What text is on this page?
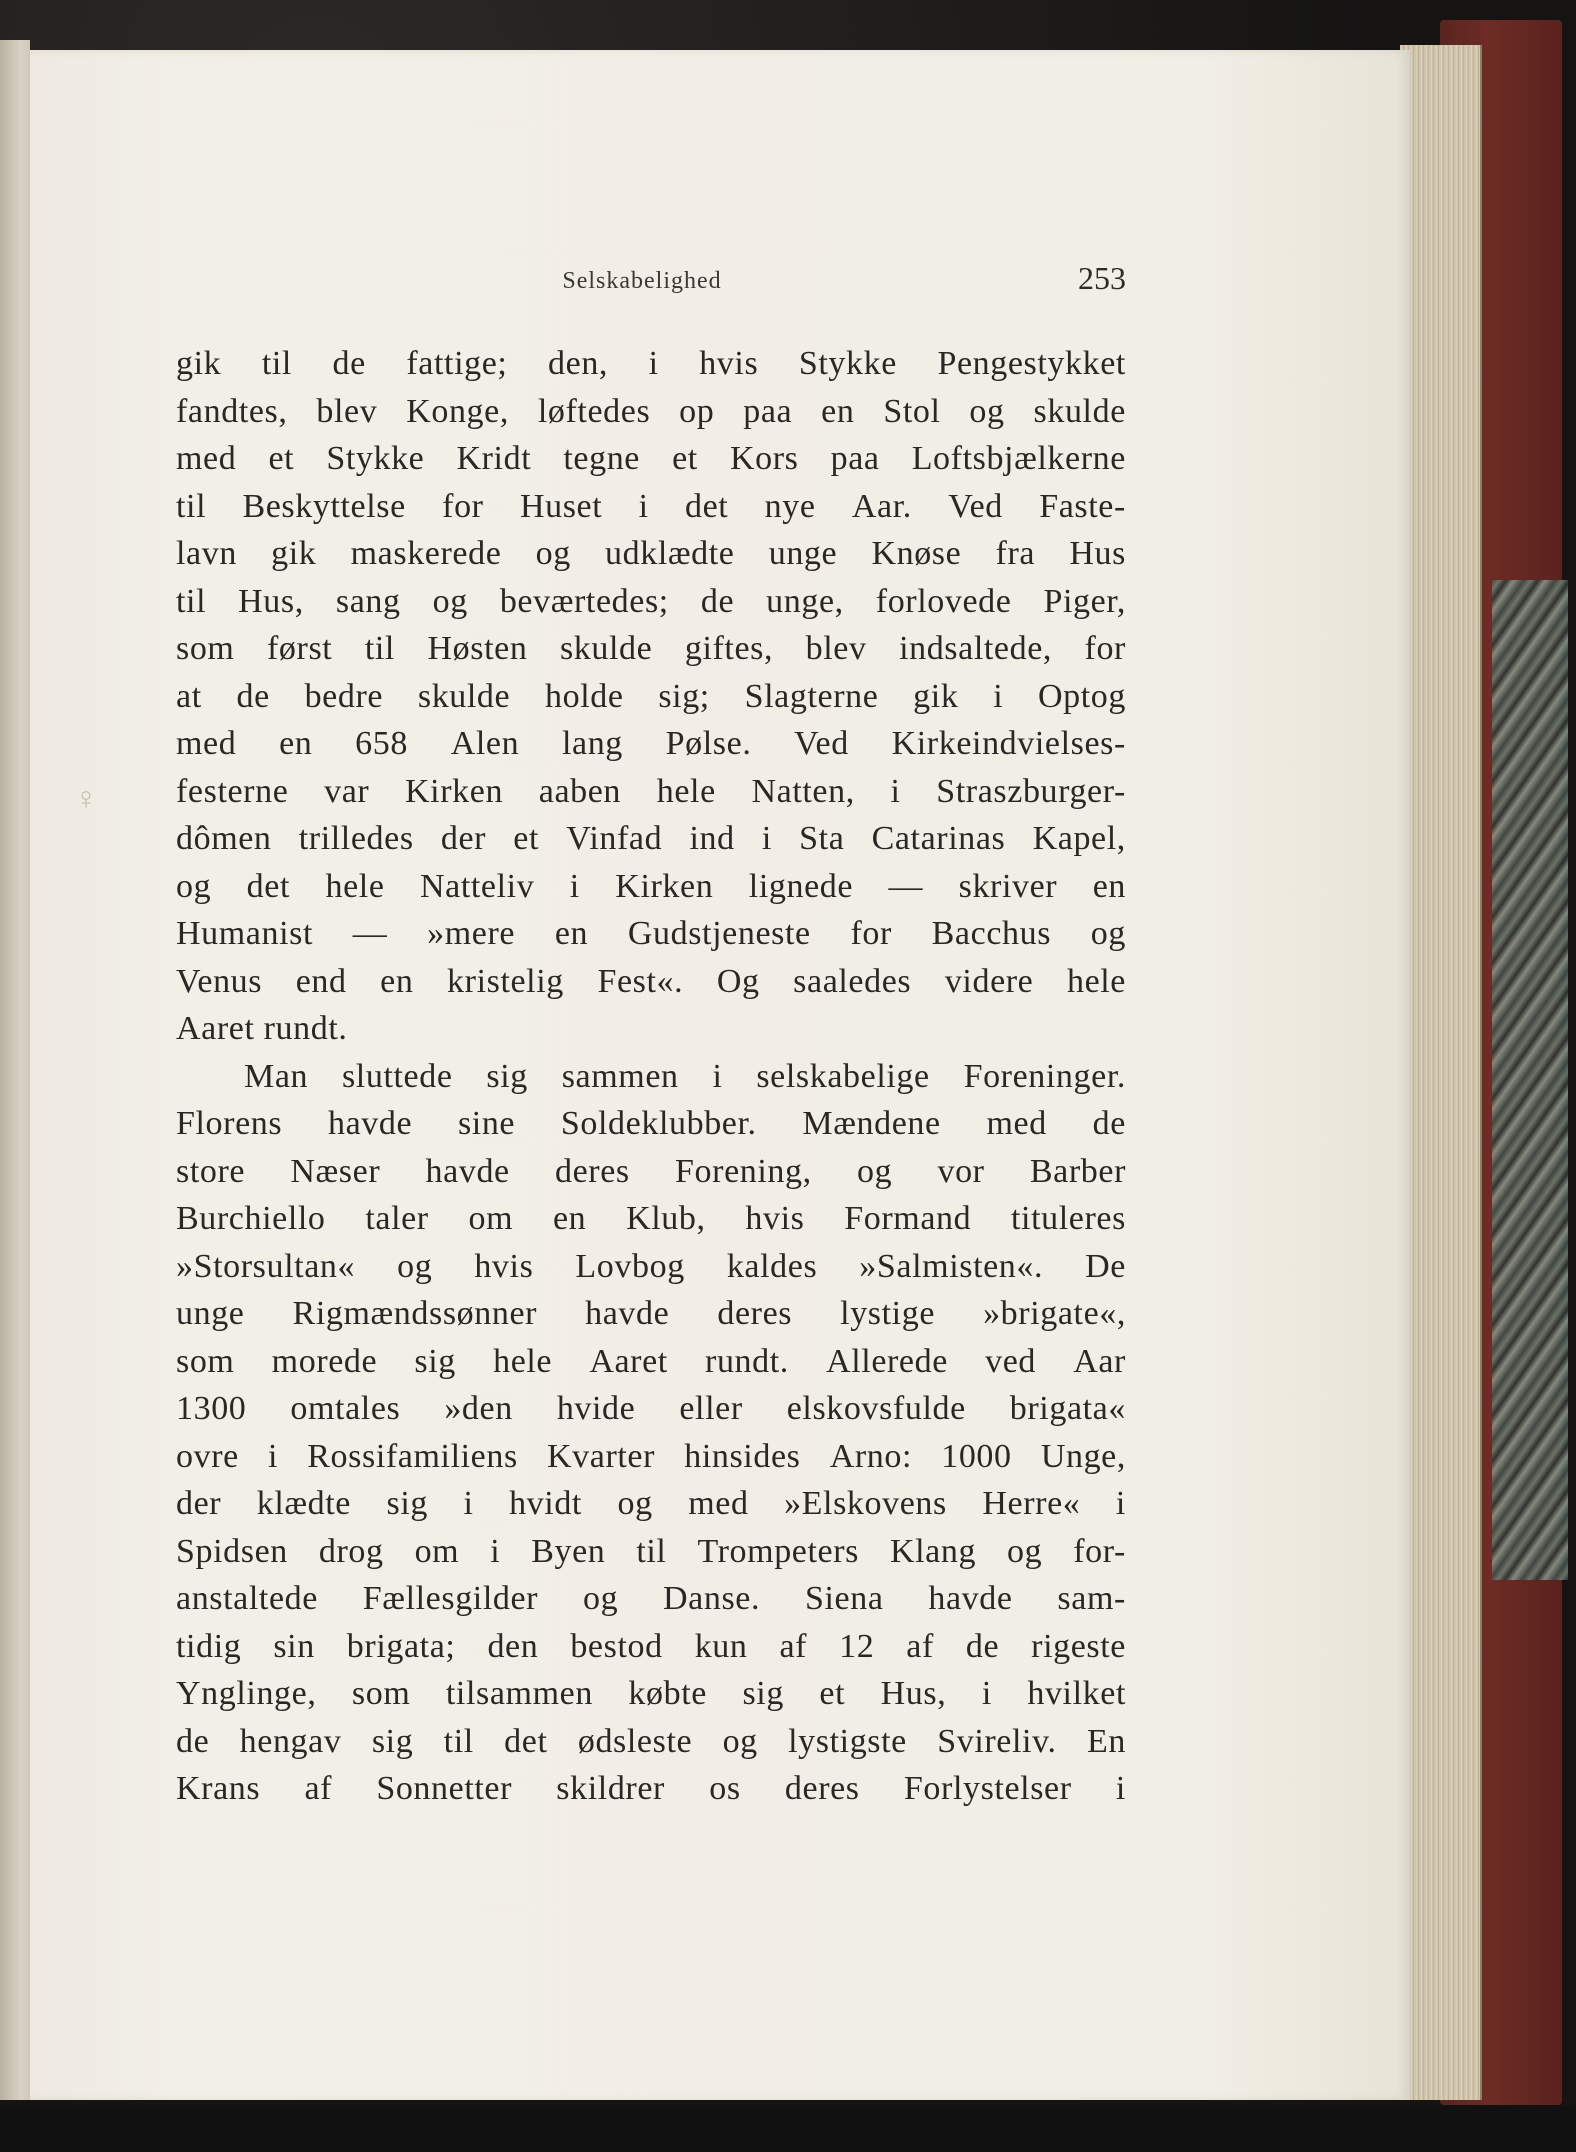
Selskabelighed	253
♀
gik til de fattige; den, i hvis Stykke Pengestykket
fandtes, blev Konge, løftedes op paa en Stol og skulde
med et Stykke Kridt tegne et Kors paa Loftsbjælkerne
til Beskyttelse for Huset i det nye Aar. Ved Faste-
lavn gik maskerede og udklædte unge Knøse fra Hus
til Hus, sang og beværtedes; de unge, forlovede Piger,
som først til Høsten skulde giftes, blev indsaltede, for
at de bedre skulde holde sig; Slagterne gik i Optog
med en 658 Alen lang Pølse. Ved Kirkeindvielses-
festerne var Kirken aaben hele Natten, i Straszburger-
dômen trilledes der et Vinfad ind i Sta Catarinas Kapel,
og det hele Natteliv i Kirken lignede — skriver en
Humanist — »mere en Gudstjeneste for Bacchus og
Venus end en kristelig Fest«. Og saaledes videre hele
Aaret rundt.
Man sluttede sig sammen i selskabelige Foreninger.
Florens havde sine Soldeklubber. Mændene med de
store Næser havde deres Forening, og vor Barber
Burchiello taler om en Klub, hvis Formand tituleres
»Storsultan« og hvis Lovbog kaldes »Salmisten«. De
unge Rigmændssønner havde deres lystige »brigate«,
som morede sig hele Aaret rundt. Allerede ved Aar
1300 omtales »den hvide eller elskovsfulde brigata«
ovre i Rossifamiliens Kvarter hinsides Arno: 1000 Unge,
der klædte sig i hvidt og med »Elskovens Herre« i
Spidsen drog om i Byen til Trompeters Klang og for-
anstaltede Fællesgilder og Danse. Siena havde sam-
tidig sin brigata; den bestod kun af 12 af de rigeste
Ynglinge, som tilsammen købte sig et Hus, i hvilket
de hengav sig til det ødsleste og lystigste Svireliv. En
Krans af Sonnetter skildrer os deres Forlystelser i
